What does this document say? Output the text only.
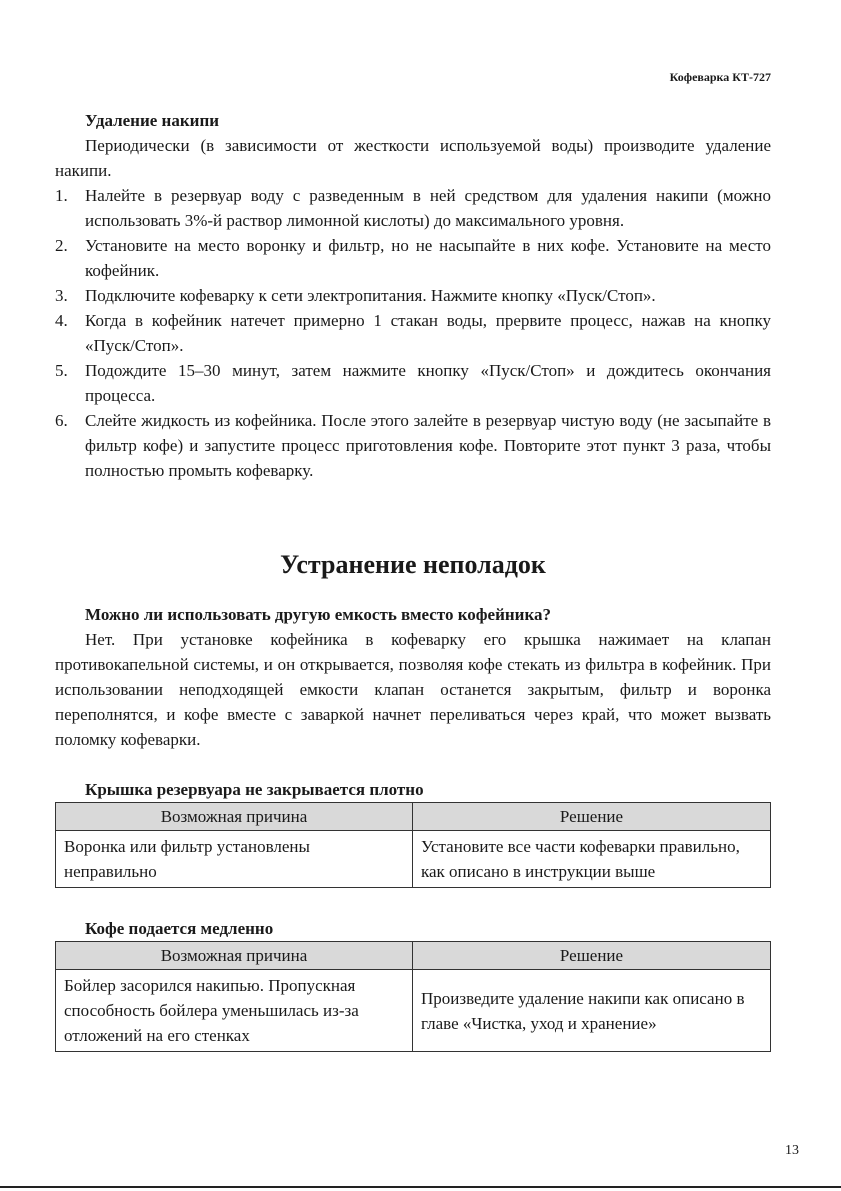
Кофеварка КТ-727
Удаление накипи

Периодически (в зависимости от жесткости используемой воды) производите удаление накипи.

1. Налейте в резервуар воду с разведенным в ней средством для удаления накипи (можно использовать 3%-й раствор лимонной кислоты) до максимального уровня.
2. Установите на место воронку и фильтр, но не насыпайте в них кофе. Установите на место кофейник.
3. Подключите кофеварку к сети электропитания. Нажмите кнопку «Пуск/Стоп».
4. Когда в кофейник натечет примерно 1 стакан воды, прервите процесс, нажав на кнопку «Пуск/Стоп».
5. Подождите 15–30 минут, затем нажмите кнопку «Пуск/Стоп» и дождитесь окончания процесса.
6. Слейте жидкость из кофейника. После этого залейте в резервуар чистую воду (не засыпайте в фильтр кофе) и запустите процесс приготовления кофе. Повторите этот пункт 3 раза, чтобы полностью промыть кофеварку.
Устранение неполадок
Можно ли использовать другую емкость вместо кофейника?

Нет. При установке кофейника в кофеварку его крышка нажимает на клапан противокапельной системы, и он открывается, позволяя кофе стекать из фильтра в кофейник. При использовании неподходящей емкости клапан останется закрытым, фильтр и воронка переполнятся, и кофе вместе с заваркой начнет переливаться через край, что может вызвать поломку кофеварки.

Крышка резервуара не закрывается плотно
Возможная причина	Решение
Воронка или фильтр установлены неправильно	Установите все части кофеварки правильно, как описано в инструкции выше
Кофе подается медленно
Возможная причина	Решение
Бойлер засорился накипью. Пропускная способность бойлера уменьшилась из-за отложений на его стенках	Произведите удаление накипи как описано в главе «Чистка, уход и хранение»
13
